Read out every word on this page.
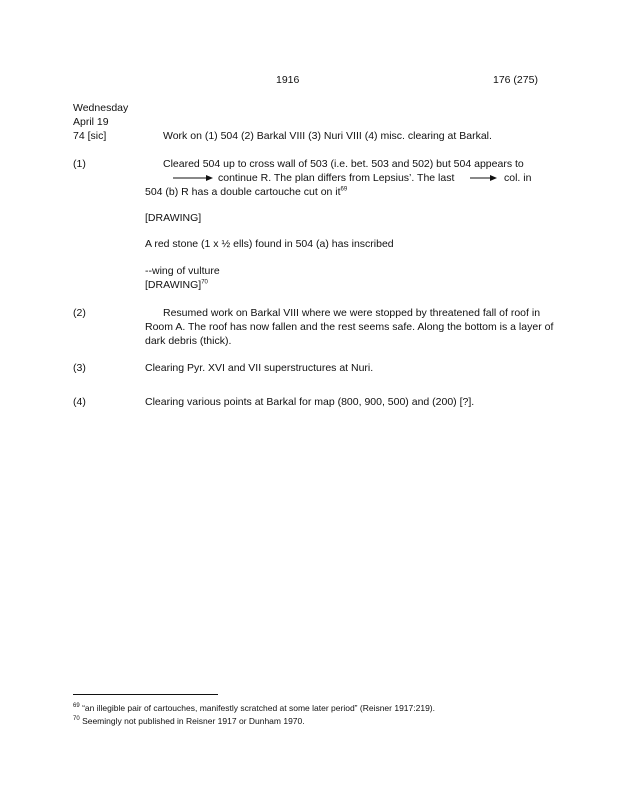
1916	176 (275)
Wednesday
April 19
74 [sic]	Work on (1) 504 (2) Barkal VIII (3) Nuri VIII (4) misc. clearing at Barkal.
(1)	Cleared 504 up to cross wall of 503 (i.e. bet. 503 and 502) but 504 appears to
continue R. The plan differs from Lepsius’. The last	col. in
504 (b) R has a double cartouche cut on $it^{69}$
[DRAWING]
A red stone (1 x ½ ells) found in 504 (a) has inscribed
--wing of vulture
[DRAWING]$^{70}$
(2)	Resumed work on Barkal VIII where we were stopped by threatened fall of roof in
Room A. The roof has now fallen and the rest seems safe. Along the bottom is a layer of
dark debris (thick).
(3)	Clearing Pyr. XVI and VII superstructures at Nuri.
(4)	Clearing various points at Barkal for map (800, 900, 500) and (200) [?].
$^{69}$ “an illegible pair of cartouches, manifestly scratched at some later period” (Reisner 1917:219).
$^{70}$ Seemingly not published in Reisner 1917 or Dunham 1970.
